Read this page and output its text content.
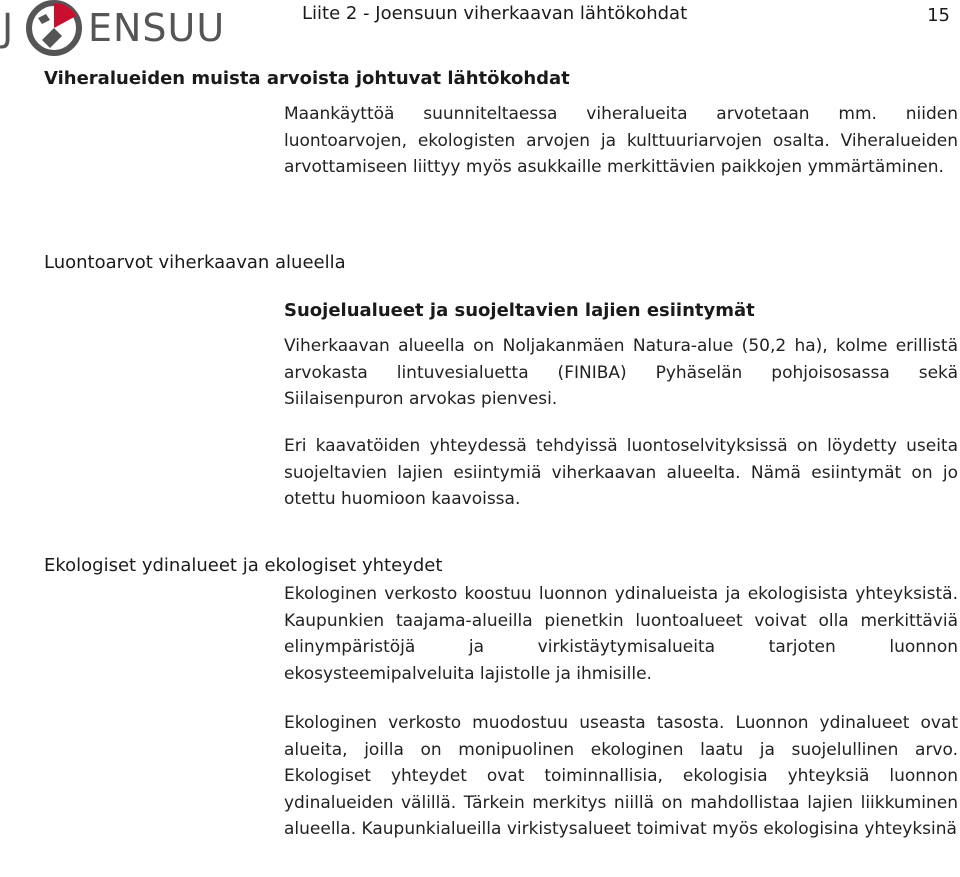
J ENSUU	Liite 2 - Joensuun viherkaavan lähtökohdat	15
Viheralueiden muista arvoista johtuvat lähtökohdat

Maankäyttöä suunniteltaessa viheralueita arvotetaan mm. niiden luontoarvojen, ekologisten arvojen ja kulttuuriarvojen osalta. Viheralueiden arvottamiseen liittyy myös asukkaille merkittävien paikkojen ymmärtäminen.

Luontoarvot viherkaavan alueella
Suojelualueet ja suojeltavien lajien esiintymät

Viherkaavan alueella on Noljakanmäen Natura-alue (50,2 ha), kolme erillistä arvokasta lintuvesialuetta (FINIBA) Pyhäselän pohjoisosassa sekä Siilaisenpuron arvokas pienvesi.

Eri kaavatöiden yhteydessä tehdyissä luontoselvityksissä on löydetty useita suojeltavien lajien esiintymiä viherkaavan alueelta. Nämä esiintymät on jo otettu huomioon kaavoissa.

Ekologiset ydinalueet ja ekologiset yhteydet

Ekologinen verkosto koostuu luonnon ydinalueista ja ekologisista yhteyksistä. Kaupunkien taajama-alueilla pienetkin luontoalueet voivat olla merkittäviä elinympäristöjä ja virkistäytymisalueita tarjoten luonnon ekosysteemipalveluita lajistolle ja ihmisille.

Ekologinen verkosto muodostuu useasta tasosta. Luonnon ydinalueet ovat alueita, joilla on monipuolinen ekologinen laatu ja suojelullinen arvo. Ekologiset yhteydet ovat toiminnallisia, ekologisia yhteyksiä luonnon ydinalueiden välillä. Tärkein merkitys niillä on mahdollistaa lajien liikkuminen alueella. Kaupunkialueilla virkistysalueet toimivat myös ekologisina yhteyksinä
